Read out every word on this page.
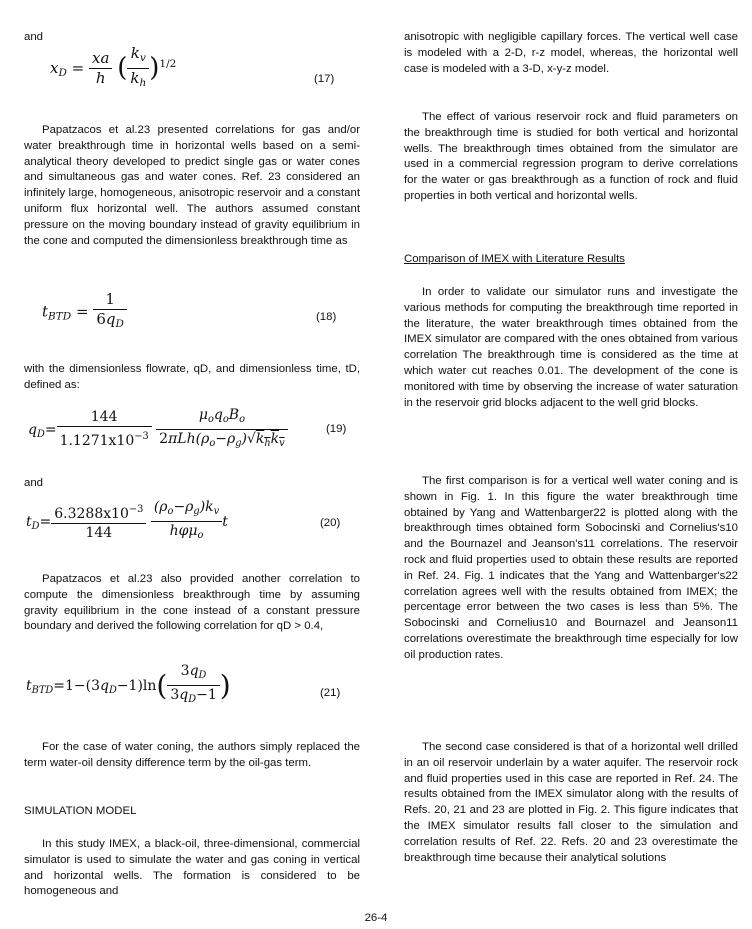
and
$x_D = \frac{xa}{h}$ ( $\frac{k_v}{k_h} )^{1/2}$
(17)

Papatzacos et al.23 presented correlations for gas and/or water breakthrough time in horizontal wells based on a semi-analytical theory developed to predict single gas or water cones and simultaneous gas and water cones. Ref. 23 considered an infinitely large, homogeneous, anisotropic reservoir and a constant uniform flux horizontal well. The authors assumed constant pressure on the moving boundary instead of gravity equilibrium in the cone and computed the dimensionless breakthrough time as

$t_{BTD} = \frac{1}{6q_D}$	(18)

with the dimensionless flowrate, qD, and dimensionless time, tD, defined as:

$q_D= \frac{144}{1.1271x10^{-3}}$
$\frac{\mu_oq_oB_o}{2\pi Lh(\rho_o-\rho_g)√k_hk_v}$	(19)
and
$t_D= \frac{6.3288x10^{-3}}{144}$
$\frac{(\rho_o-\rho_g)k_v}{h\varphi\mu_o}$ t	(20)

Papatzacos et al.23 also provided another correlation to compute the dimensionless breakthrough time by assuming gravity equilibrium in the cone instead of a constant pressure boundary and derived the following correlation for qD > 0.4,

$t_{BTD}=1-(3q_D-1)\ln( \frac{3q_D}{3q_D-1}$ )	(21)

For the case of water coning, the authors simply replaced the term water-oil density difference term by the oil-gas term.

SIMULATION MODEL

In this study IMEX, a black-oil, three-dimensional, commercial simulator is used to simulate the water and gas coning in vertical and horizontal wells. The formation is considered to be homogeneous and

anisotropic with negligible capillary forces. The vertical well case is modeled with a 2-D, r-z model, whereas, the horizontal well case is modeled with a 3-D, x-y-z model.

The effect of various reservoir rock and fluid parameters on the breakthrough time is studied for both vertical and horizontal wells. The breakthrough times obtained from the simulator are used in a commercial regression program to derive correlations for the water or gas breakthrough as a function of rock and fluid properties in both vertical and horizontal wells.

Comparison of IMEX with Literature Results

In order to validate our simulator runs and investigate the various methods for computing the breakthrough time reported in the literature, the water breakthrough times obtained from the IMEX simulator are compared with the ones obtained from various correlation The breakthrough time is considered as the time at which water cut reaches 0.01. The development of the cone is monitored with time by observing the increase of water saturation in the reservoir grid blocks adjacent to the well grid blocks.

The first comparison is for a vertical well water coning and is shown in Fig. 1. In this figure the water breakthrough time obtained by Yang and Wattenbarger22 is plotted along with the breakthrough times obtained form Sobocinski and Cornelius's10 and the Bournazel and Jeanson's11 correlations. The reservoir rock and fluid properties used to obtain these results are reported in Ref. 24. Fig. 1 indicates that the Yang and Wattenbarger's22 correlation agrees well with the results obtained from IMEX; the percentage error between the two cases is less than 5%. The Sobocinski and Cornelius10 and Bournazel and Jeanson11 correlations overestimate the breakthrough time especially for low oil production rates.

The second case considered is that of a horizontal well drilled in an oil reservoir underlain by a water aquifer. The reservoir rock and fluid properties used in this case are reported in Ref. 24. The results obtained from the IMEX simulator along with the results of Refs. 20, 21 and 23 are plotted in Fig. 2. This figure indicates that the IMEX simulator results fall closer to the simulation and correlation results of Ref. 22. Refs. 20 and 23 overestimate the breakthrough time because their analytical solutions

26-4
